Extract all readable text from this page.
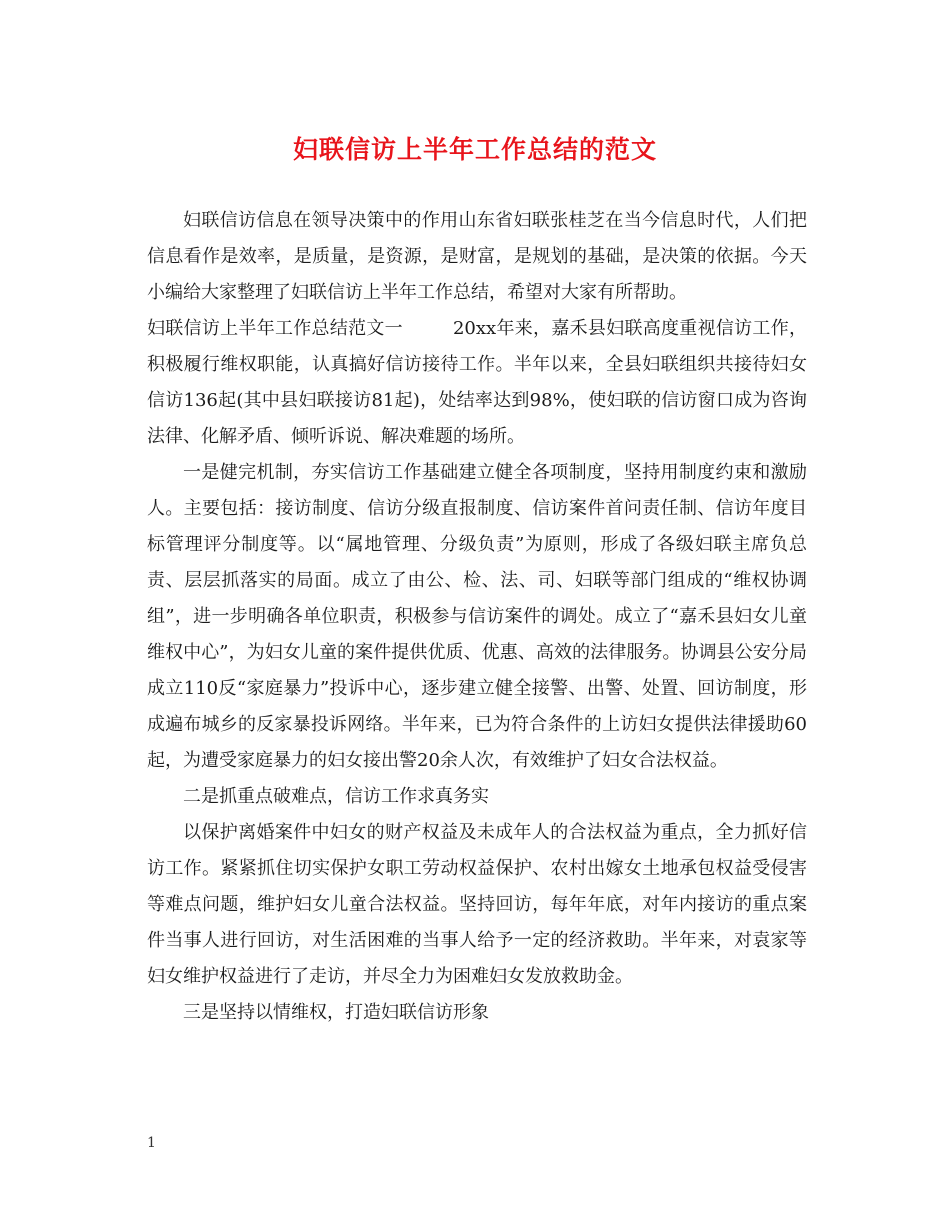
妇联信访上半年工作总结的范文

妇联信访信息在领导决策中的作用山东省妇联张桂芝在当今信息时代，人们把信息看作是效率，是质量，是资源，是财富，是规划的基础，是决策的依据。今天小编给大家整理了妇联信访上半年工作总结，希望对大家有所帮助。

妇联信访上半年工作总结范文一	20xx年来，嘉禾县妇联高度重视信访工作，积极履行维权职能，认真搞好信访接待工作。半年以来，全县妇联组织共接待妇女信访136起(其中县妇联接访81起)，处结率达到98%，使妇联的信访窗口成为咨询法律、化解矛盾、倾听诉说、解决难题的场所。

一是健完机制，夯实信访工作基础建立健全各项制度，坚持用制度约束和激励人。主要包括：接访制度、信访分级直报制度、信访案件首问责任制、信访年度目标管理评分制度等。以“属地管理、分级负责”为原则，形成了各级妇联主席负总责、层层抓落实的局面。成立了由公、检、法、司、妇联等部门组成的“维权协调组”，进一步明确各单位职责，积极参与信访案件的调处。成立了“嘉禾县妇女儿童维权中心”，为妇女儿童的案件提供优质、优惠、高效的法律服务。协调县公安分局成立110反“家庭暴力”投诉中心，逐步建立健全接警、出警、处置、回访制度，形成遍布城乡的反家暴投诉网络。半年来，已为符合条件的上访妇女提供法律援助60起，为遭受家庭暴力的妇女接出警20余人次，有效维护了妇女合法权益。

二是抓重点破难点，信访工作求真务实

以保护离婚案件中妇女的财产权益及未成年人的合法权益为重点，全力抓好信访工作。紧紧抓住切实保护女职工劳动权益保护、农村出嫁女土地承包权益受侵害等难点问题，维护妇女儿童合法权益。坚持回访，每年年底，对年内接访的重点案件当事人进行回访，对生活困难的当事人给予一定的经济救助。半年来，对袁家等妇女维护权益进行了走访，并尽全力为困难妇女发放救助金。

三是坚持以情维权，打造妇联信访形象

1
